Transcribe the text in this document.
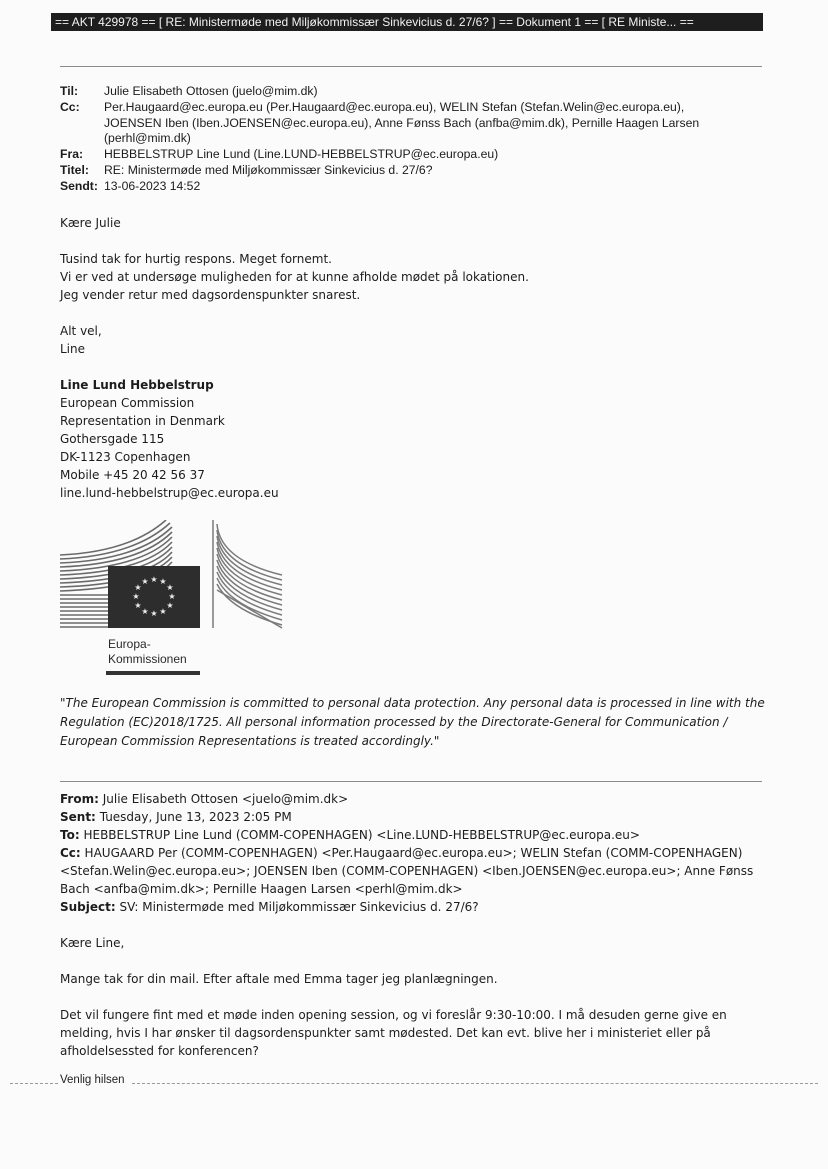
== AKT 429978 == [ RE: Ministermøde med Miljøkommissær Sinkevicius d. 27/6? ] == Dokument 1 == [ RE Ministe... ==
Til:	Julie Elisabeth Ottosen (juelo@mim.dk)
Cc:	Per.Haugaard@ec.europa.eu (Per.Haugaard@ec.europa.eu), WELIN Stefan (Stefan.Welin@ec.europa.eu),
JOENSEN Iben (Iben.JOENSEN@ec.europa.eu), Anne Fønss Bach (anfba@mim.dk), Pernille Haagen Larsen
(perhl@mim.dk)
Fra:	HEBBELSTRUP Line Lund (Line.LUND-HEBBELSTRUP@ec.europa.eu)
Titel:	RE: Ministermøde med Miljøkommissær Sinkevicius d. 27/6?
Sendt: 13-06-2023 14:52

Kære Julie

Tusind tak for hurtig respons. Meget fornemt.

Vi er ved at undersøge muligheden for at kunne afholde mødet på lokationen.

Jeg vender retur med dagsordenspunkter snarest.

Alt vel,

Line

Line Lund Hebbelstrup

European Commission

Representation in Denmark

Gothersgade 115

DK-1123 Copenhagen

Mobile +45 20 42 56 37

line.lund-hebbelstrup@ec.europa.eu

★ ★
★
★
★
★
★
★
★
★
★
★
Europa-
Kommissionen
"The European Commission is committed to personal data protection. Any personal data is processed in line with the
Regulation (EC)2018/1725. All personal information processed by the Directorate-General for Communication /
European Commission Representations is treated accordingly."
From: Julie Elisabeth Ottosen <juelo@mim.dk>
Sent: Tuesday, June 13, 2023 2:05 PM
To: HEBBELSTRUP Line Lund (COMM-COPENHAGEN) <Line.LUND-HEBBELSTRUP@ec.europa.eu>
Cc: HAUGAARD Per (COMM-COPENHAGEN) <Per.Haugaard@ec.europa.eu>; WELIN Stefan (COMM-COPENHAGEN)
<Stefan.Welin@ec.europa.eu>; JOENSEN Iben (COMM-COPENHAGEN) <Iben.JOENSEN@ec.europa.eu>; Anne Fønss
Bach <anfba@mim.dk>; Pernille Haagen Larsen <perhl@mim.dk>
Subject: SV: Ministermøde med Miljøkommissær Sinkevicius d. 27/6?
Kære Line,
Mange tak for din mail. Efter aftale med Emma tager jeg planlægningen.
Det vil fungere fint med et møde inden opening session, og vi foreslår 9:30-10:00. I må desuden gerne give en
melding, hvis I har ønsker til dagsordenspunkter samt mødested. Det kan evt. blive her i ministeriet eller på
afholdelsessted for konferencen?
Venlig hilsen
